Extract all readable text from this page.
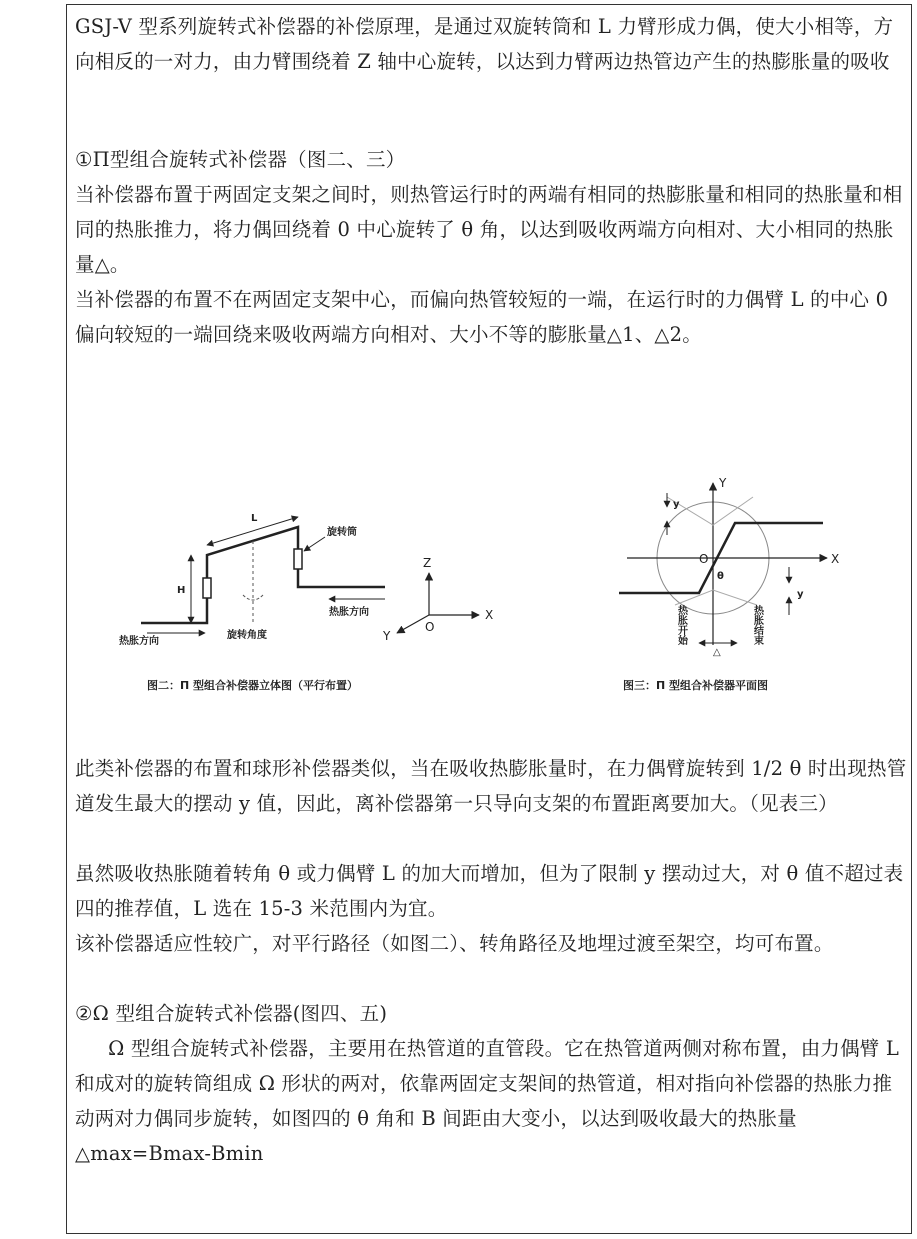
GSJ-V 型系列旋转式补偿器的补偿原理，是通过双旋转筒和 L 力臂形成力偶，使大小相等，方向相反的一对力，由力臂围绕着 Z 轴中心旋转，以达到力臂两边热管边产生的热膨胀量的吸收

①Π型组合旋转式补偿器（图二、三）

当补偿器布置于两固定支架之间时，则热管运行时的两端有相同的热膨胀量和相同的热胀量和相同的热胀推力，将力偶回绕着 0 中心旋转了 θ 角，以达到吸收两端方向相对、大小相同的热胀量△。

当补偿器的布置不在两固定支架中心，而偏向热管较短的一端，在运行时的力偶臂 L 的中心 0 偏向较短的一端回绕来吸收两端方向相对、大小不等的膨胀量△1、△2。

L
H
旋转筒
热胀方向
热胀方向
旋转角度
Z
X
Y
O
图二：Π 型组合补偿器立体图（平行布置）
Y
X
O
θ
y
y
热胀开始	热胀结束
△
图三：Π 型组合补偿器平面图

此类补偿器的布置和球形补偿器类似，当在吸收热膨胀量时，在力偶臂旋转到 1/2 θ 时出现热管道发生最大的摆动 y 值，因此，离补偿器第一只导向支架的布置距离要加大。（见表三）

虽然吸收热胀随着转角 θ 或力偶臂 L 的加大而增加，但为了限制 y 摆动过大，对 θ 值不超过表四的推荐值，L 选在 15-3 米范围内为宜。

该补偿器适应性较广，对平行路径（如图二）、转角路径及地埋过渡至架空，均可布置。

②Ω 型组合旋转式补偿器(图四、五)

Ω 型组合旋转式补偿器，主要用在热管道的直管段。它在热管道两侧对称布置，由力偶臂 L 和成对的旋转筒组成 Ω 形状的两对，依靠两固定支架间的热管道，相对指向补偿器的热胀力推动两对力偶同步旋转，如图四的 θ 角和 B 间距由大变小，以达到吸收最大的热胀量△max=Bmax-Bmin
